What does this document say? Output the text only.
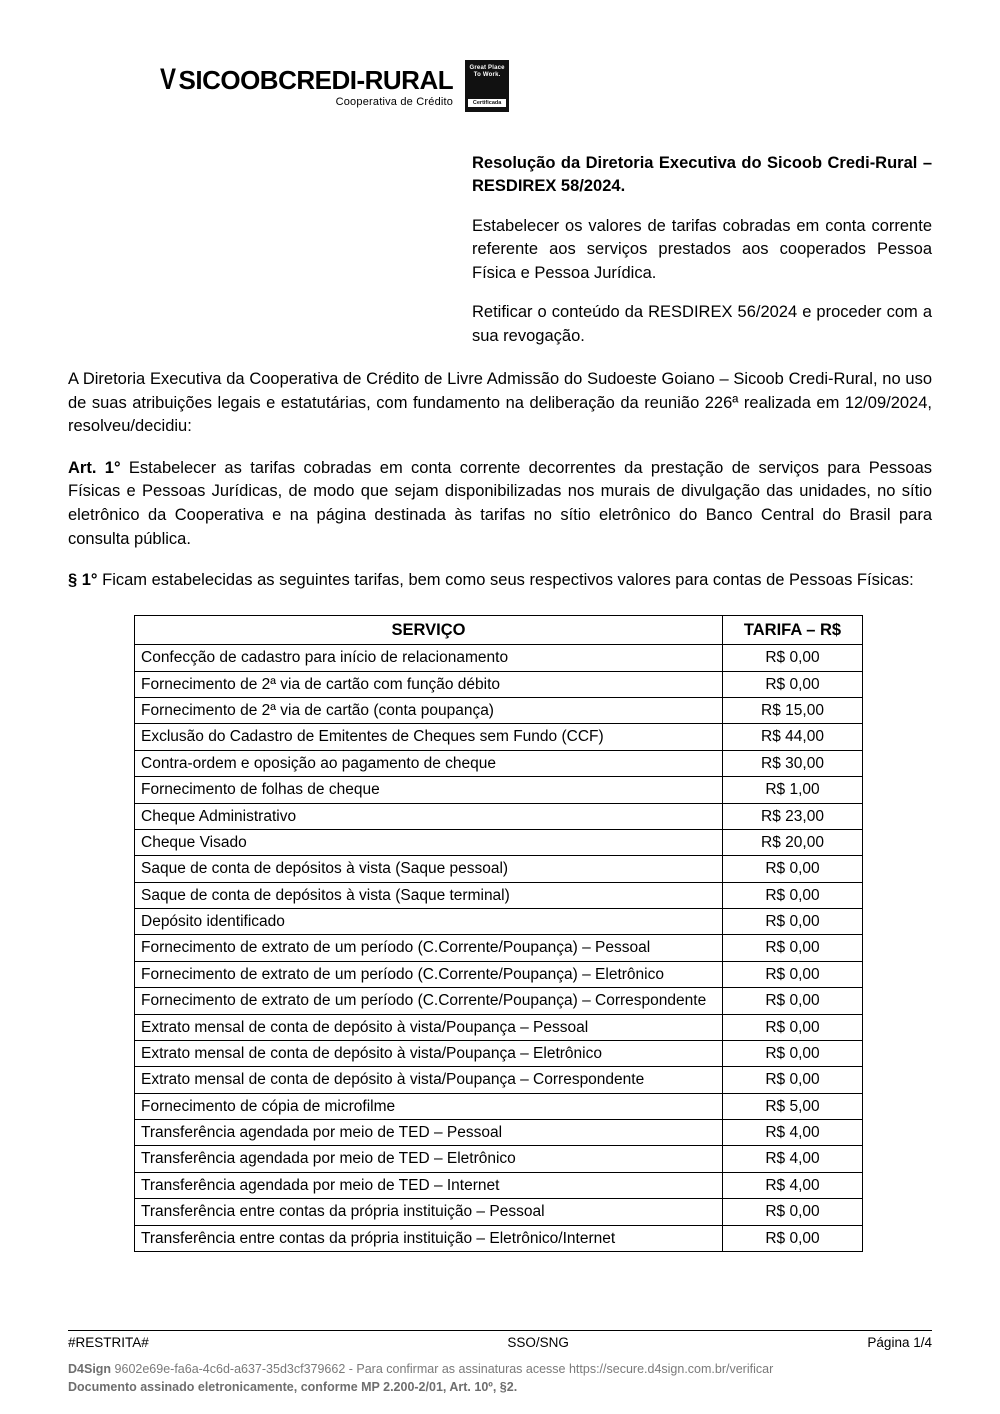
V SICOOBCREDI-RURAL
Cooperativa de Crédito
Great Place To Work.
Certificada

Resolução da Diretoria Executiva do Sicoob Credi-Rural – RESDIREX 58/2024.

Estabelecer os valores de tarifas cobradas em conta corrente referente aos serviços prestados aos cooperados Pessoa Física e Pessoa Jurídica.

Retificar o conteúdo da RESDIREX 56/2024 e proceder com a sua revogação.

A Diretoria Executiva da Cooperativa de Crédito de Livre Admissão do Sudoeste Goiano – Sicoob Credi-Rural, no uso de suas atribuições legais e estatutárias, com fundamento na deliberação da reunião 226ª realizada em 12/09/2024, resolveu/decidiu:
Art. 1° Estabelecer as tarifas cobradas em conta corrente decorrentes da prestação de serviços para Pessoas Físicas e Pessoas Jurídicas, de modo que sejam disponibilizadas nos murais de divulgação das unidades, no sítio eletrônico da Cooperativa e na página destinada às tarifas no sítio eletrônico do Banco Central do Brasil para consulta pública.
§ 1° Ficam estabelecidas as seguintes tarifas, bem como seus respectivos valores para contas de Pessoas Físicas:
SERVIÇO	TARIFA – R$
Confecção de cadastro para início de relacionamento	R$ 0,00
Fornecimento de 2ª via de cartão com função débito	R$ 0,00
Fornecimento de 2ª via de cartão (conta poupança)	R$ 15,00
Exclusão do Cadastro de Emitentes de Cheques sem Fundo (CCF)	R$ 44,00
Contra-ordem e oposição ao pagamento de cheque	R$ 30,00
Fornecimento de folhas de cheque	R$ 1,00
Cheque Administrativo	R$ 23,00
Cheque Visado	R$ 20,00
Saque de conta de depósitos à vista (Saque pessoal)	R$ 0,00
Saque de conta de depósitos à vista (Saque terminal)	R$ 0,00
Depósito identificado	R$ 0,00
Fornecimento de extrato de um período (C.Corrente/Poupança) – Pessoal	R$ 0,00
Fornecimento de extrato de um período (C.Corrente/Poupança) – Eletrônico	R$ 0,00
Fornecimento de extrato de um período (C.Corrente/Poupança) – Correspondente	R$ 0,00
Extrato mensal de conta de depósito à vista/Poupança – Pessoal	R$ 0,00
Extrato mensal de conta de depósito à vista/Poupança – Eletrônico	R$ 0,00
Extrato mensal de conta de depósito à vista/Poupança – Correspondente	R$ 0,00
Fornecimento de cópia de microfilme	R$ 5,00
Transferência agendada por meio de TED – Pessoal	R$ 4,00
Transferência agendada por meio de TED – Eletrônico	R$ 4,00
Transferência agendada por meio de TED – Internet	R$ 4,00
Transferência entre contas da própria instituição – Pessoal	R$ 0,00
Transferência entre contas da própria instituição – Eletrônico/Internet	R$ 0,00
#RESTRITA#	SSO/SNG	Página 1/4
D4Sign 9602e69e-fa6a-4c6d-a637-35d3cf379662 - Para confirmar as assinaturas acesse https://secure.d4sign.com.br/verificar
Documento assinado eletronicamente, conforme MP 2.200-2/01, Art. 10º, §2.
